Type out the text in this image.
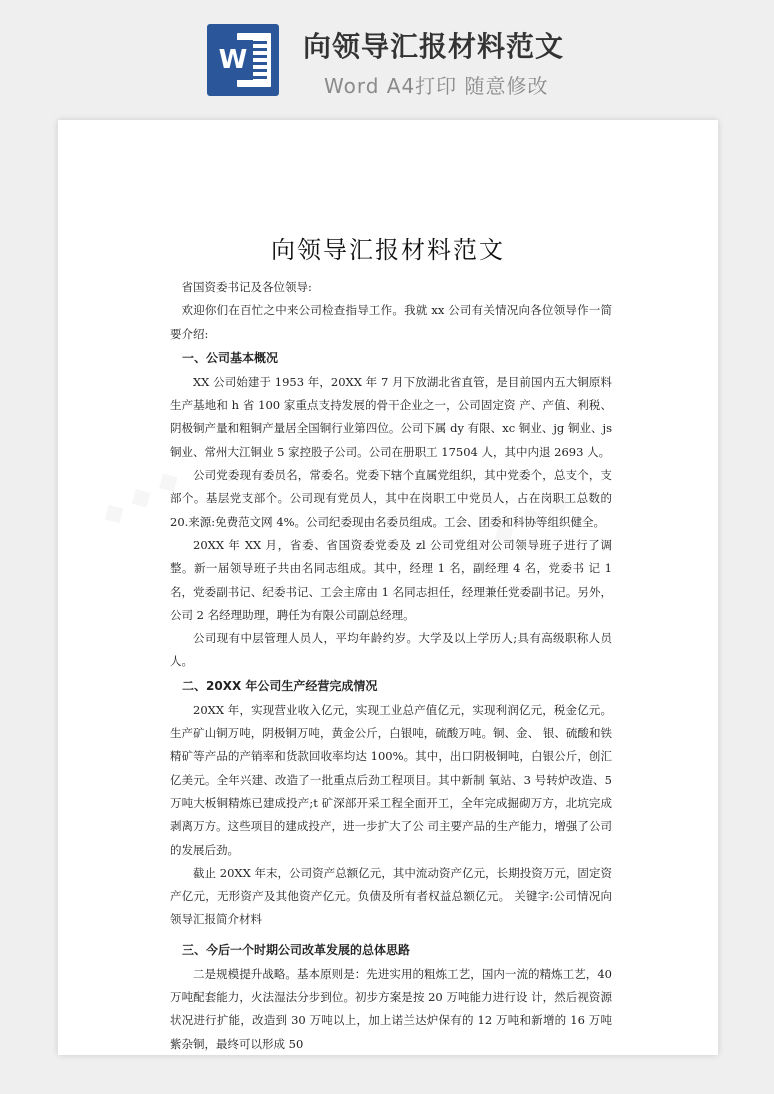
W 向领导汇报材料范文
Word A4打印 随意修改
向领导汇报材料范文

省国资委书记及各位领导:

欢迎你们在百忙之中来公司检查指导工作。我就 xx 公司有关情况向各位领导作一简要介绍:

一、公司基本概况

XX 公司始建于 1953 年，20XX 年 7 月下放湖北省直管，是目前国内五大铜原料生产基地和 h 省 100 家重点支持发展的骨干企业之一，公司固定资 产、产值、利税、阴极铜产量和粗铜产量居全国铜行业第四位。公司下属 dy 有限、xc 铜业、jg 铜业、js 铜业、常州大江铜业 5 家控股子公司。公司在册职工 17504 人，其中内退 2693 人。

公司党委现有委员名，常委名。党委下辖个直属党组织，其中党委个，总支个，支部个。基层党支部个。公司现有党员人，其中在岗职工中党员人，占在岗职工总数的 20.来源:免费范文网 4%。公司纪委现由名委员组成。工会、团委和科协等组织健全。

20XX 年 XX 月，省委、省国资委党委及 zl 公司党组对公司领导班子进行了调整。新一届领导班子共由名同志组成。其中，经理 1 名，副经理 4 名，党委书 记 1 名，党委副书记、纪委书记、工会主席由 1 名同志担任，经理兼任党委副书记。另外，公司 2 名经理助理，聘任为有限公司副总经理。

公司现有中层管理人员人，平均年龄约岁。大学及以上学历人;具有高级职称人员人。

二、20XX 年公司生产经营完成情况

20XX 年，实现营业收入亿元，实现工业总产值亿元，实现利润亿元，税金亿元。生产矿山铜万吨，阴极铜万吨，黄金公斤，白银吨，硫酸万吨。铜、金、 银、硫酸和铁精矿等产品的产销率和货款回收率均达 100%。其中，出口阴极铜吨，白银公斤，创汇亿美元。全年兴建、改造了一批重点后劲工程项目。其中新制 氧站、3 号转炉改造、5 万吨大板铜精炼已建成投产;t 矿深部开采工程全面开工，全年完成掘砌万方，北坑完成剥离万方。这些项目的建成投产，进一步扩大了公 司主要产品的生产能力，增强了公司的发展后劲。

截止 20XX 年末，公司资产总额亿元，其中流动资产亿元，长期投资万元，固定资产亿元，无形资产及其他资产亿元。负债及所有者权益总额亿元。 关键字:公司情况向领导汇报简介材料

三、今后一个时期公司改革发展的总体思路

二是规模提升战略。基本原则是：先进实用的粗炼工艺，国内一流的精炼工艺，40 万吨配套能力，火法湿法分步到位。初步方案是按 20 万吨能力进行设 计，然后视资源状况进行扩能，改造到 30 万吨以上，加上诺兰达炉保有的 12 万吨和新增的 16 万吨紫杂铜，最终可以形成 50
